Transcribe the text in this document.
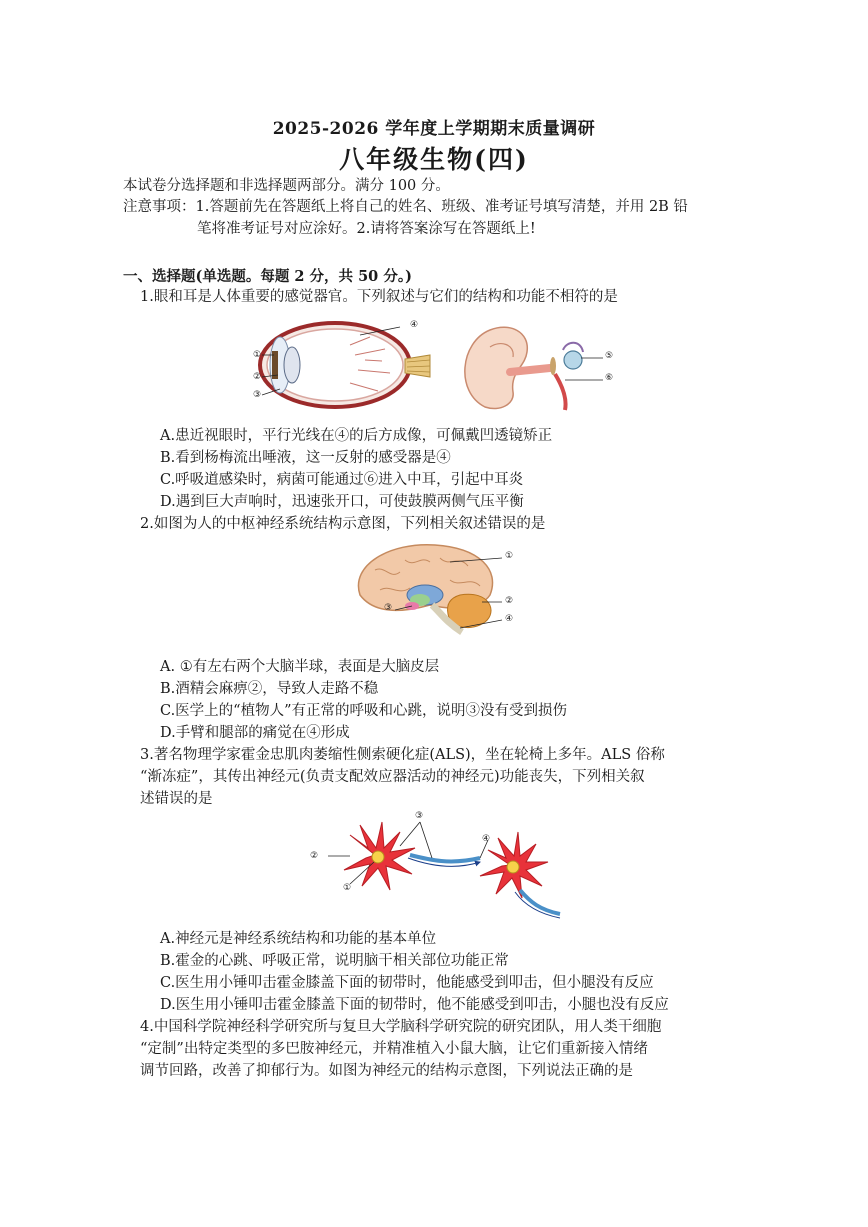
2025-2026 学年度上学期期末质量调研
八年级生物(四)
本试卷分选择题和非选择题两部分。满分 100 分。
注意事项：1.答题前先在答题纸上将自己的姓名、班级、准考证号填写清楚，并用 2B 铅
笔将准考证号对应涂好。2.请将答案涂写在答题纸上!
一、选择题(单选题。每题 2 分，共 50 分。)
1.眼和耳是人体重要的感觉器官。下列叙述与它们的结构和功能不相符的是
①
②
③
④
⑤
⑥
A.患近视眼时，平行光线在④的后方成像，可佩戴凹透镜矫正
B.看到杨梅流出唾液，这一反射的感受器是④
C.呼吸道感染时，病菌可能通过⑥进入中耳，引起中耳炎
D.遇到巨大声响时，迅速张开口，可使鼓膜两侧气压平衡
2.如图为人的中枢神经系统结构示意图，下列相关叙述错误的是
①
②
③
④
A. ①有左右两个大脑半球，表面是大脑皮层
B.酒精会麻痹②，导致人走路不稳
C.医学上的“植物人”有正常的呼吸和心跳，说明③没有受到损伤
D.手臂和腿部的痛觉在④形成
3.著名物理学家霍金忠肌肉萎缩性侧索硬化症(ALS)，坐在轮椅上多年。ALS 俗称
“渐冻症”，其传出神经元(负责支配效应器活动的神经元)功能丧失，下列相关叙
述错误的是
③
②
①
④
A.神经元是神经系统结构和功能的基本单位
B.霍金的心跳、呼吸正常，说明脑干相关部位功能正常
C.医生用小锤叩击霍金膝盖下面的韧带时，他能感受到叩击，但小腿没有反应
D.医生用小锤叩击霍金膝盖下面的韧带时，他不能感受到叩击，小腿也没有反应
4.中国科学院神经科学研究所与复旦大学脑科学研究院的研究团队，用人类干细胞
“定制”出特定类型的多巴胺神经元，并精准植入小鼠大脑，让它们重新接入情绪
调节回路，改善了抑郁行为。如图为神经元的结构示意图，下列说法正确的是
